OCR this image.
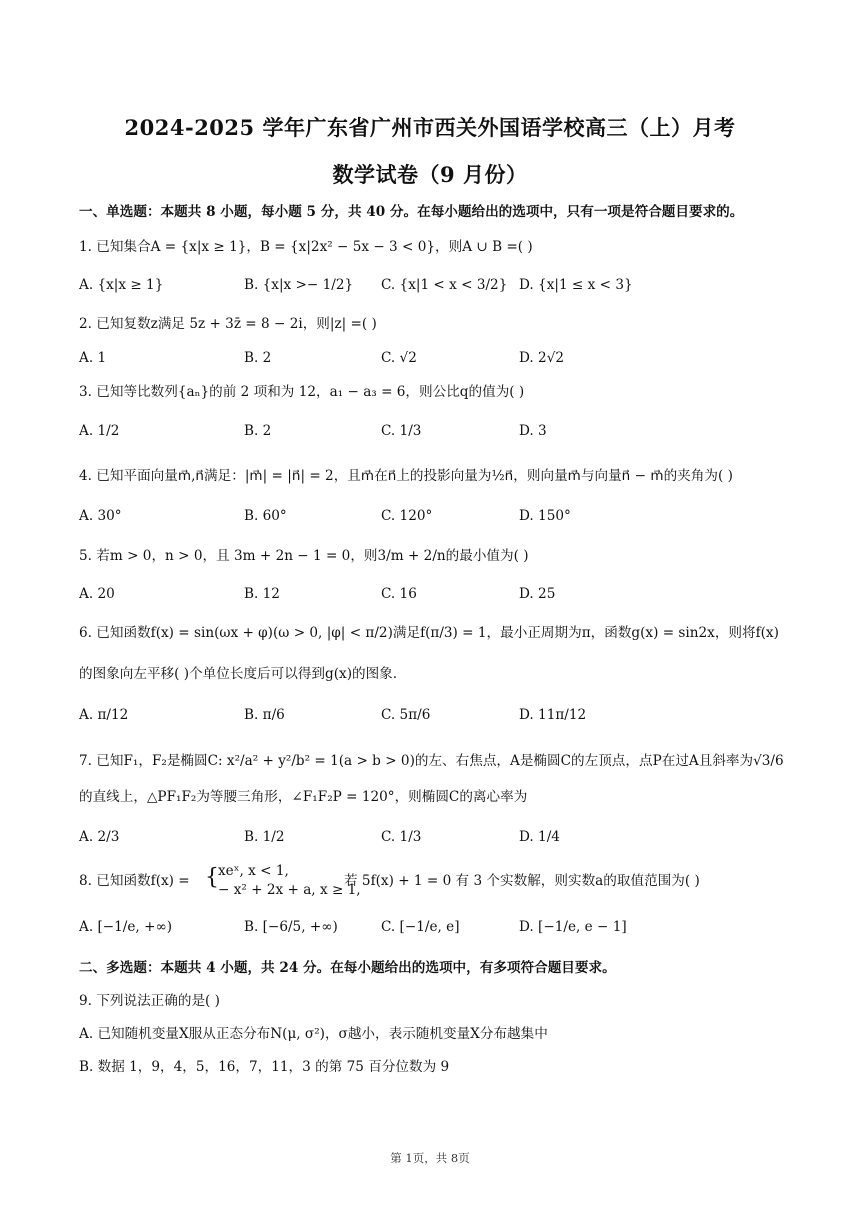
2024-2025 学年广东省广州市西关外国语学校高三（上）月考
数学试卷（9 月份）
一、单选题：本题共 8 小题，每小题 5 分，共 40 分。在每小题给出的选项中，只有一项是符合题目要求的。
1. 已知集合A = {x|x ≥ 1}，B = {x|2x² − 5x − 3 < 0}，则A ∪ B =( )
A. {x|x ≥ 1}	B. {x|x >− 1/2} C. {x|1 < x < 3/2} D. {x|1 ≤ x < 3}
2. 已知复数z满足 5z + 3z̄ = 8 − 2i，则|z| =( )
A. 1	B. 2	C. √2	D. 2√2
3. 已知等比数列{aₙ}的前 2 项和为 12，a₁ − a₃ = 6，则公比q的值为( )
A. 1/2	B. 2	C. 1/3	D. 3
4. 已知平面向量m⃗,n⃗满足：|m⃗| = |n⃗| = 2，且m⃗在n⃗上的投影向量为½n⃗，则向量m⃗与向量n⃗ − m⃗的夹角为( )
A. 30°	B. 60°	C. 120°	D. 150°
5. 若m > 0，n > 0，且 3m + 2n − 1 = 0，则3/m + 2/n的最小值为( )
A. 20	B. 12	C. 16	D. 25
6. 已知函数f(x) = sin(ωx + φ)(ω > 0, |φ| < π/2)满足f(π/3) = 1，最小正周期为π，函数g(x) = sin2x，则将f(x)
的图象向左平移( )个单位长度后可以得到g(x)的图象.
A. π/12	B. π/6	C. 5π/6	D. 11π/12
7. 已知F₁，F₂是椭圆C: x²/a² + y²/b² = 1(a > b > 0)的左、右焦点，A是椭圆C的左顶点，点P在过A且斜率为√3/6
的直线上，△PF₁F₂为等腰三角形，∠F₁F₂P = 120°，则椭圆C的离心率为
A. 2/3	B. 1/2	C. 1/3	D. 1/4
8. 已知函数f(x) = { xeˣ, x < 1,
− x² + 2x + a, x ≥ 1,
若 5f(x) + 1 = 0 有 3 个实数解，则实数a的取值范围为( )
A. [−1/e, +∞)	B. [−6/5, +∞)	C. [−1/e, e]	D. [−1/e, e − 1]
二、多选题：本题共 4 小题，共 24 分。在每小题给出的选项中，有多项符合题目要求。
9. 下列说法正确的是( )
A. 已知随机变量X服从正态分布N(μ, σ²)，σ越小，表示随机变量X分布越集中
B. 数据 1，9，4，5，16，7，11，3 的第 75 百分位数为 9
第 1页，共 8页
